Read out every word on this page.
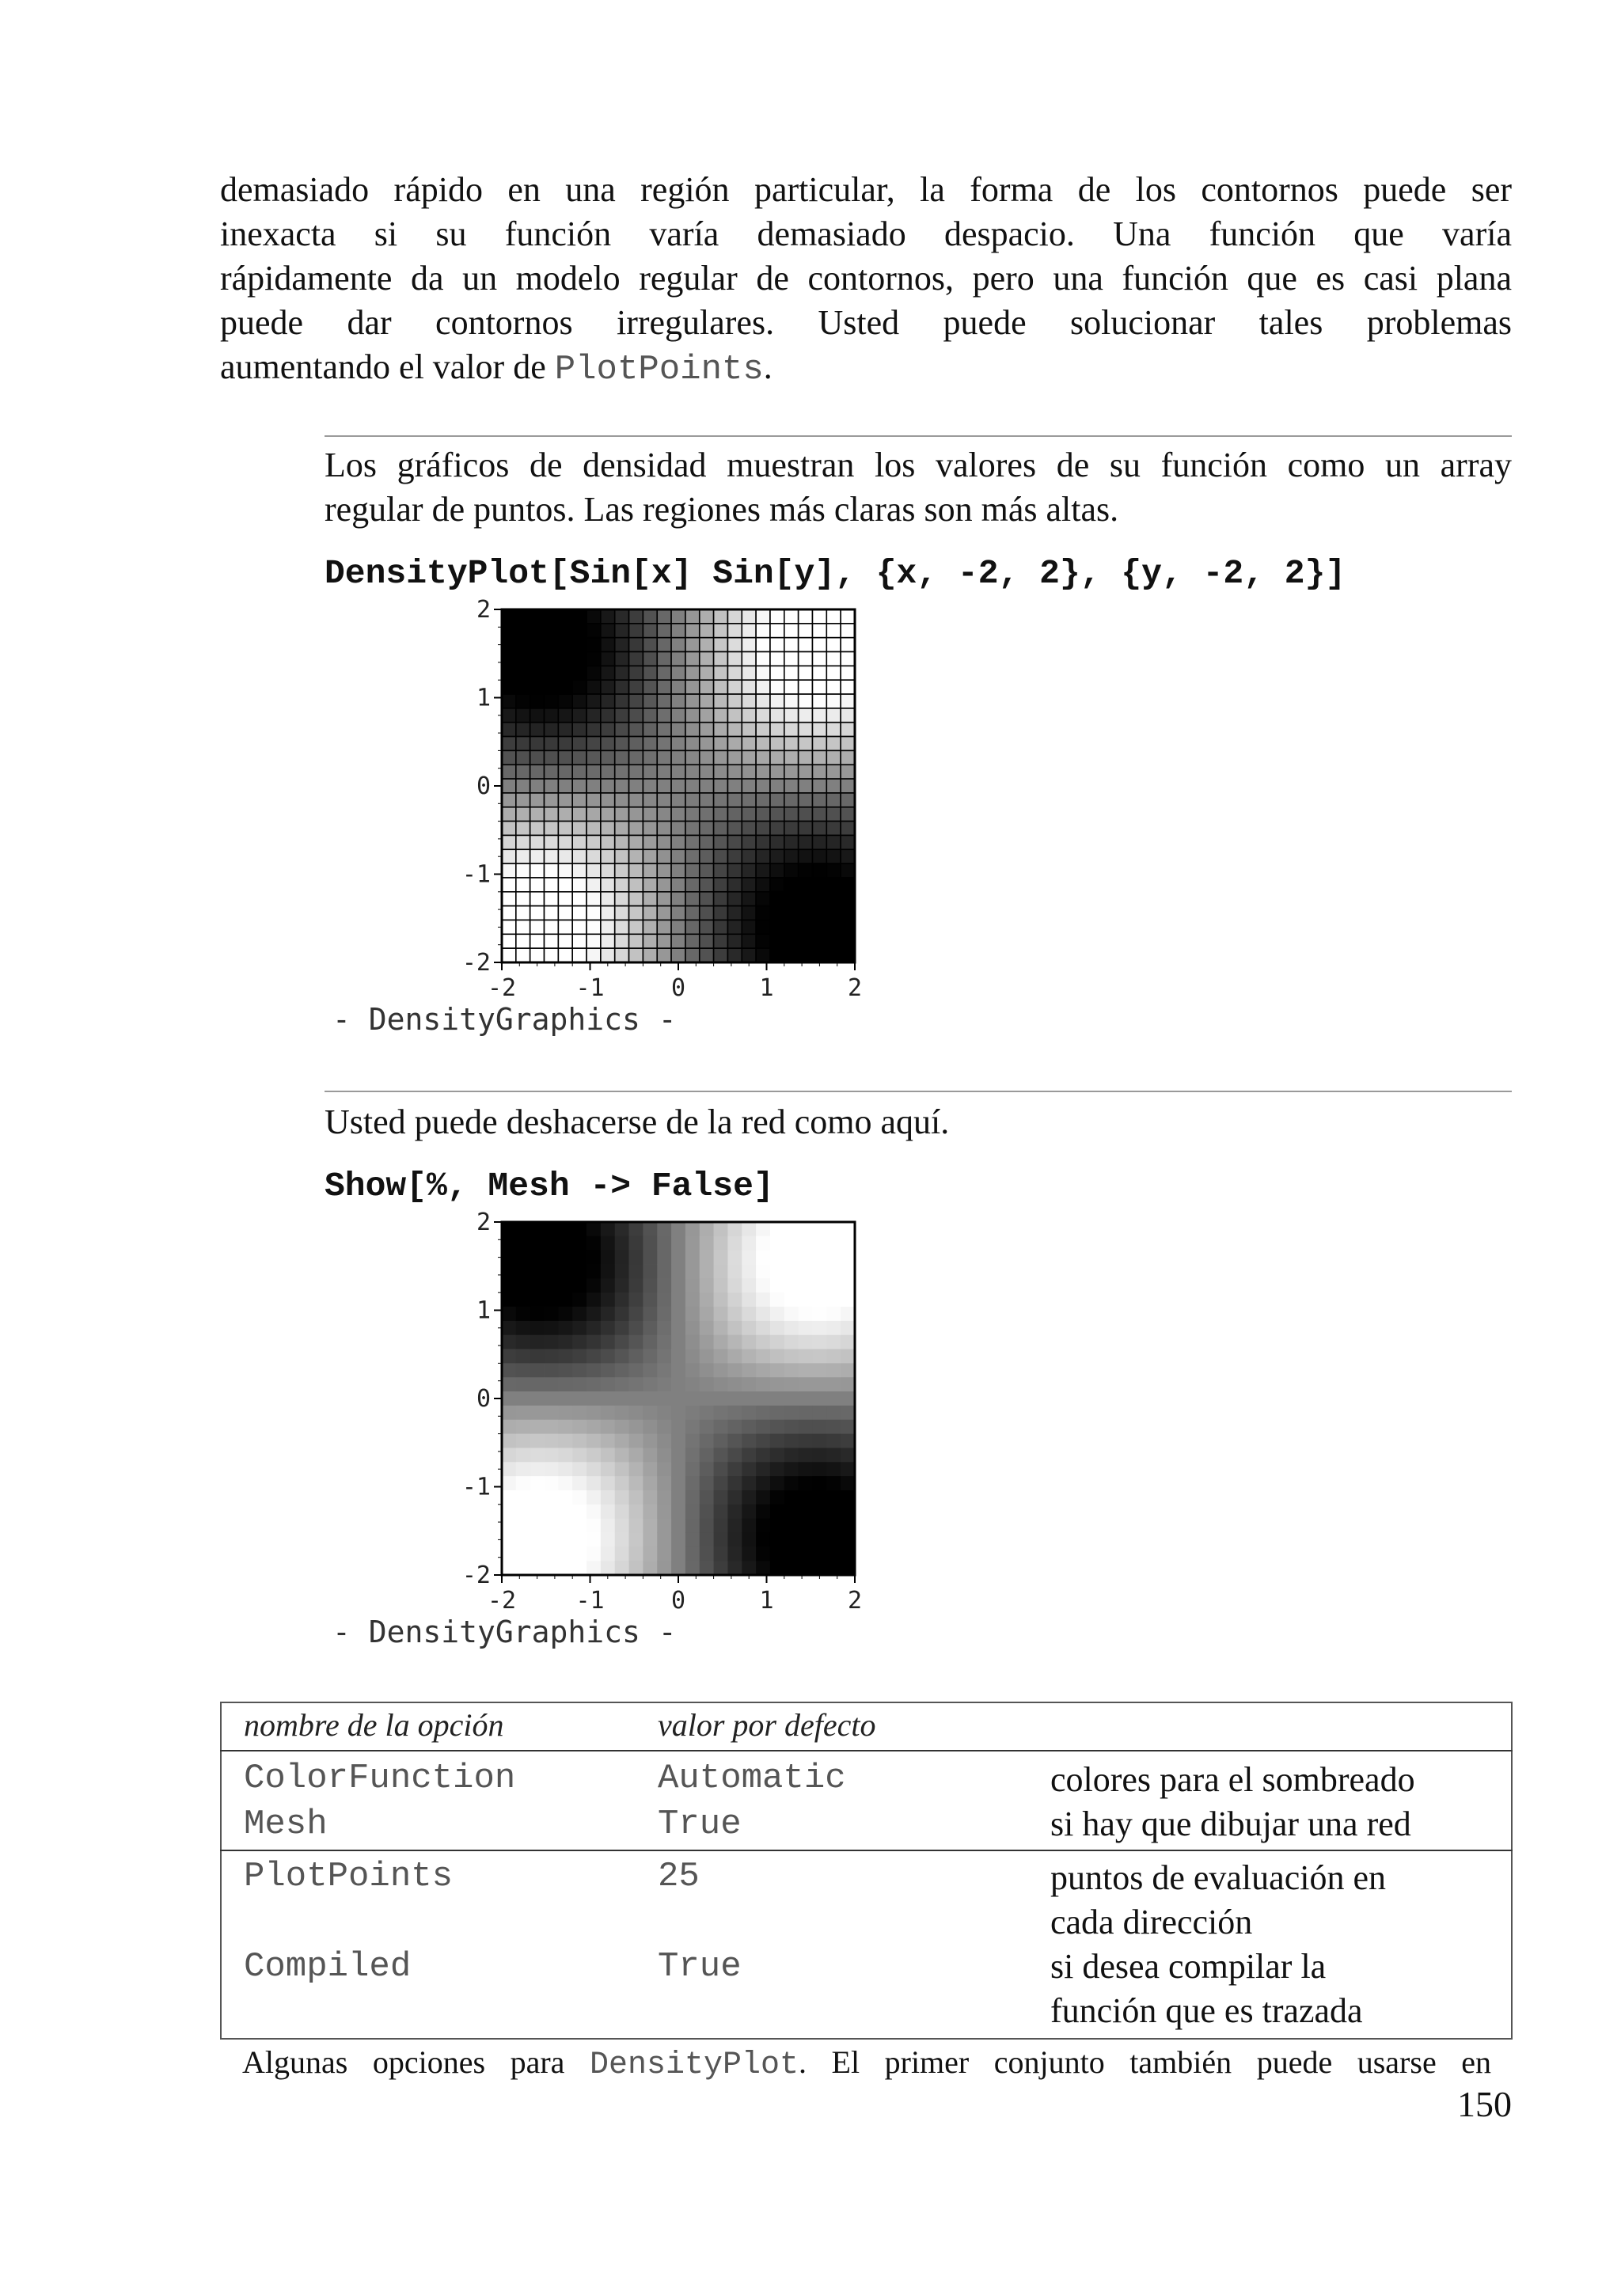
demasiado rápido en una región particular, la forma de los contornos puede ser
inexacta si su función varía demasiado despacio. Una función que varía
rápidamente da un modelo regular de contornos, pero una función que es casi plana
puede dar contornos irregulares. Usted puede solucionar tales problemas
aumentando el valor de PlotPoints.
Los gráficos de densidad muestran los valores de su función como un array
regular de puntos. Las regiones más claras son más altas.
DensityPlot[Sin[x] Sin[y], {x, -2, 2}, {y, -2, 2}]
-2
2
-1
1
0
0
1
-1
2
-2
- DensityGraphics -
Usted puede deshacerse de la red como aquí.
Show[%, Mesh -> False]
-2
2
-1
1
0
0
1
-1
2
-2
- DensityGraphics -
nombre de la opción	valor por defecto	
ColorFunction	Automatic	colores para el sombreado
Mesh	True	si hay que dibujar una red
PlotPoints	25	puntos de evaluación en
cada dirección

Compiled	True	si desea compilar la
función que es trazada
Algunas opciones para DensityPlot. El primer conjunto también puede usarse en
150
